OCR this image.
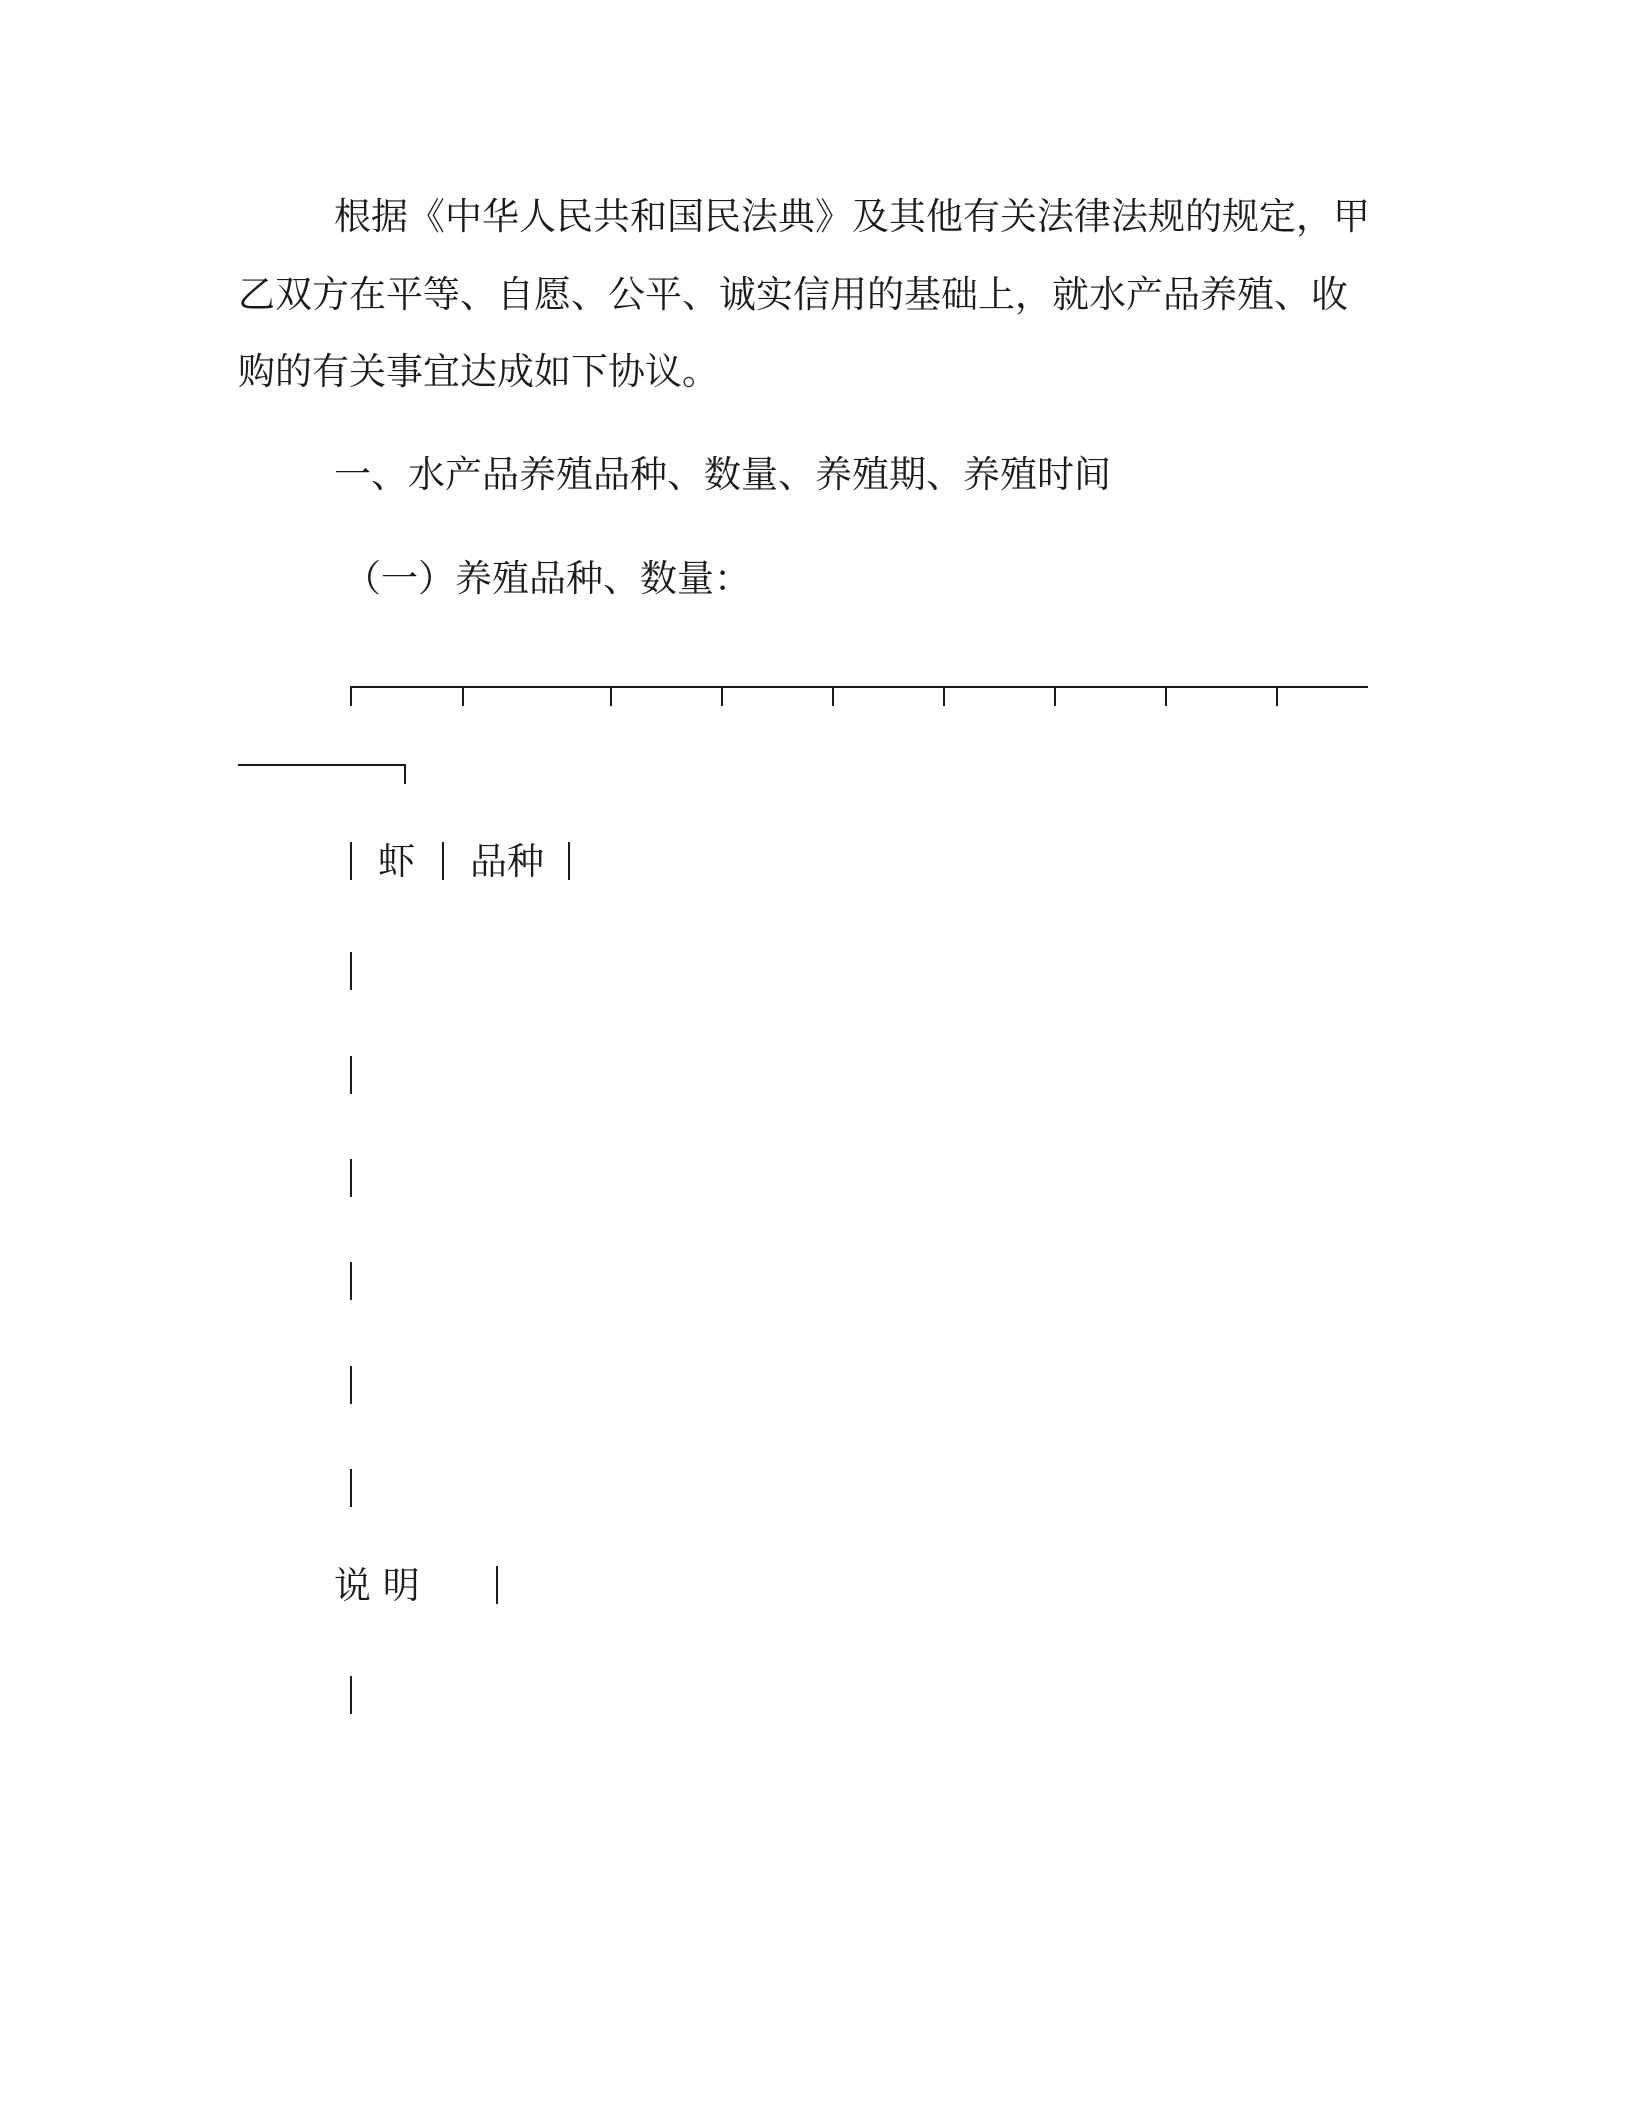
根据《中华人民共和国民法典》及其他有关法律法规的规定，甲
乙双方在平等、自愿、公平、诚实信用的基础上，就水产品养殖、收
购的有关事宜达成如下协议。
一、水产品养殖品种、数量、养殖期、养殖时间
（一）养殖品种、数量：
虾 品种
说 明
